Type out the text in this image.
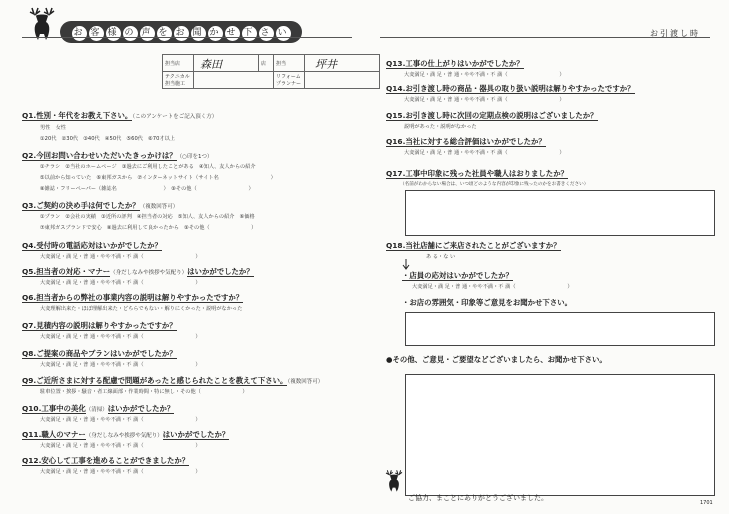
お 客 様 の 声 を お 聞 か せ 下 さ い	お引渡し時
担当店	森田	店	担当	坪井

テクニカル 担当施工			リフォーム プランナー	
Q1.性別・年代をお教え下さい。（このアンケートをご記入頂く方）
男性　女性
①20代　②30代　③40代　④50代　⑤60代　⑥70才以上
Q2.今回お問い合わせいただいたきっかけは？（○印を1つ）
①チラシ　②当社のホームページ　③過去にご利用したことがある　④知人、友人からの紹介
⑤以前から知っていた　⑥東邦ガスから　⑦インターネットサイト（サイト名　　　　　　　　　　）
⑧雑誌・フリーペーパー（雑誌名　　　　　　　　　）　⑨その他（　　　　　　　　　　）
Q3.ご契約の決め手は何でしたか？（複数回答可）
①プラン　②会社の実績　③近所の評判　④担当者の対応　⑤知人、友人からの紹介　⑥価格
⑦東邦ガスブランドで安心　⑧過去に利用して良かったから　⑨その他（　　　　　　　　）
Q4.受付時の電話応対はいかがでしたか？
大変満足・満 足・普 通・やや不満・不 満（　　　　　　　　　　）
Q5.担当者の対応・マナー（身だしなみや挨拶や気配り）はいかがでしたか？
大変満足・満 足・普 通・やや不満・不 満（　　　　　　　　　　）
Q6.担当者からの弊社の事業内容の説明は解りやすかったですか？
大変理解出来た・ほぼ理解出来た・どちらでもない・解りにくかった・説明がなかった
Q7.見積内容の説明は解りやすかったですか？
大変満足・満 足・普 通・やや不満・不 満（　　　　　　　　　　）
Q8.ご提案の商品やプランはいかがでしたか？
大変満足・満 足・普 通・やや不満・不 満（　　　　　　　　　　）
Q9.ご近所さまに対する配慮で問題があったと感じられたことを教えて下さい。（複数回答可）
駐車位置・挨拶・騒音・者工線面部・作業時間・特に無し・その他（　　　　　　　　）
Q10.工事中の美化（清掃）はいかがでしたか？
大変満足・満 足・普 通・やや不満・不 満（　　　　　　　　　　）
Q11.職人のマナー（身だしなみや挨拶や気配り）はいかがでしたか？
大変満足・満 足・普 通・やや不満・不 満（　　　　　　　　　　）
Q12.安心して工事を進めることができましたか？
大変満足・満 足・普 通・やや不満・不 満（　　　　　　　　　　）
Q13.工事の仕上がりはいかがでしたか？
大変満足・満 足・普 通・やや不満・不 満（　　　　　　　　　　）
Q14.お引き渡し時の商品・器具の取り扱い説明は解りやすかったですか？
大変満足・満 足・普 通・やや不満・不 満（　　　　　　　　　　）
Q15.お引き渡し時に次回の定期点検の説明はございましたか？
説明があった・説明がなかった
Q16.当社に対する総合評価はいかがでしたか？
大変満足・満 足・普 通・やや不満・不 満（　　　　　　　　　　）
Q17.工事中印象に残った社員や職人はおりましたか？
（名前がわからない場合は、いつ頃どのような内容が印象に残ったのかをお書きください）
Q18.当社店舗にご来店されたことがございますか？
あ る・な い
・店員の応対はいかがでしたか？
大変満足・満 足・普 通・やや不満・不 満（　　　　　　　　　　）
・お店の雰囲気・印象等ご意見をお聞かせ下さい。
●その他、ご意見・ご要望などございましたら、お聞かせ下さい。
ご協力、まことにありがとうございました。
1701
